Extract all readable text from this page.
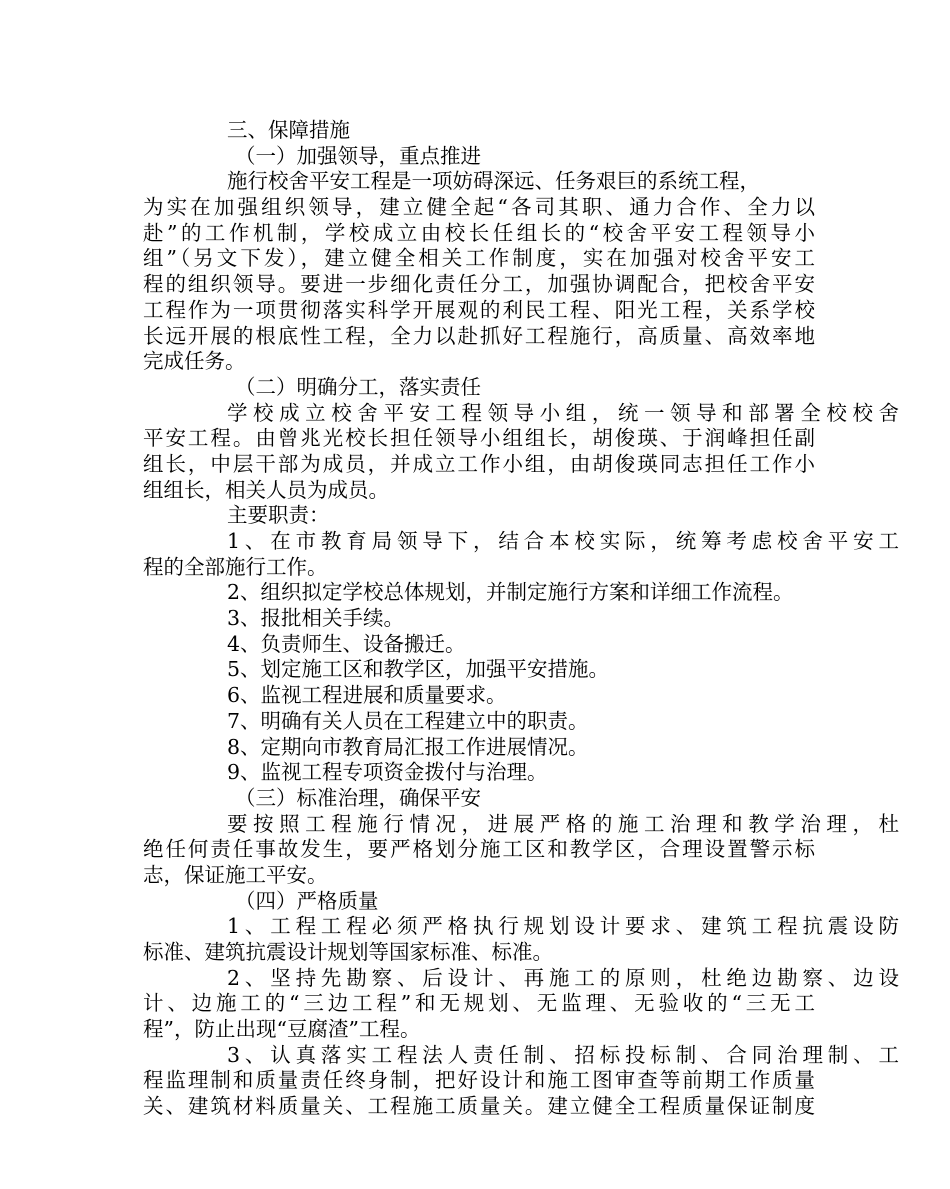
三、保障措施
（一）加强领导，重点推进
施行校舍平安工程是一项妨碍深远、任务艰巨的系统工程，
为实在加强组织领导，建立健全起“各司其职、通力合作、全力以
赴”的工作机制，学校成立由校长任组长的“校舍平安工程领导小
组”（另文下发），建立健全相关工作制度，实在加强对校舍平安工
程的组织领导。要进一步细化责任分工，加强协调配合，把校舍平安
工程作为一项贯彻落实科学开展观的利民工程、阳光工程，关系学校
长远开展的根底性工程，全力以赴抓好工程施行，高质量、高效率地
完成任务。
（二）明确分工，落实责任
学校成立校舍平安工程领导小组，统一领导和部署全校校舍
平安工程。由曾兆光校长担任领导小组组长，胡俊瑛、于润峰担任副
组长，中层干部为成员，并成立工作小组，由胡俊瑛同志担任工作小
组组长，相关人员为成员。
主要职责：
1、在市教育局领导下，结合本校实际，统筹考虑校舍平安工
程的全部施行工作。
2、组织拟定学校总体规划，并制定施行方案和详细工作流程。
3、报批相关手续。
4、负责师生、设备搬迁。
5、划定施工区和教学区，加强平安措施。
6、监视工程进展和质量要求。
7、明确有关人员在工程建立中的职责。
8、定期向市教育局汇报工作进展情况。
9、监视工程专项资金拨付与治理。
（三）标准治理，确保平安
要按照工程施行情况，进展严格的施工治理和教学治理，杜
绝任何责任事故发生，要严格划分施工区和教学区，合理设置警示标
志，保证施工平安。
（四）严格质量
1、工程工程必须严格执行规划设计要求、建筑工程抗震设防
标准、建筑抗震设计规划等国家标准、标准。
2、坚持先勘察、后设计、再施工的原则，杜绝边勘察、边设
计、边施工的“三边工程”和无规划、无监理、无验收的“三无工
程”，防止出现“豆腐渣”工程。
3、认真落实工程法人责任制、招标投标制、合同治理制、工
程监理制和质量责任终身制，把好设计和施工图审查等前期工作质量
关、建筑材料质量关、工程施工质量关。建立健全工程质量保证制度
